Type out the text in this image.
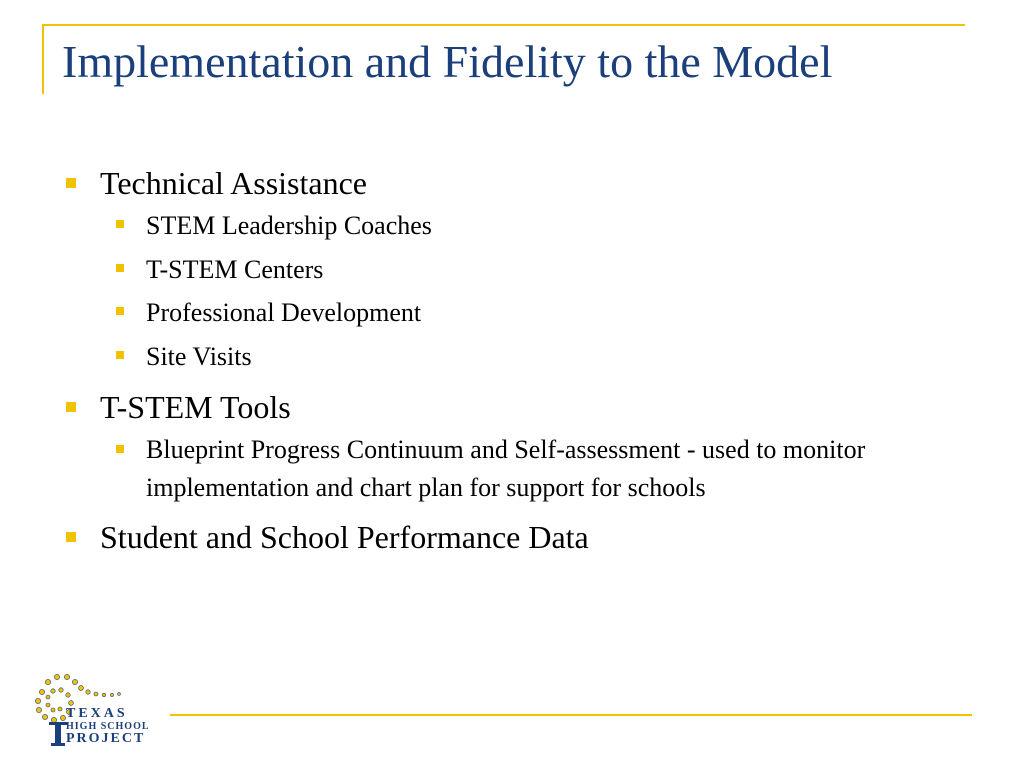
Implementation and Fidelity to the Model
Technical Assistance
STEM Leadership Coaches
T-STEM Centers
Professional Development
Site Visits
T-STEM Tools
Blueprint Progress Continuum and Self-assessment - used to monitor implementation and chart plan for support for schools
Student and School Performance Data
TEXAS
HIGH SCHOOL
PROJECT
